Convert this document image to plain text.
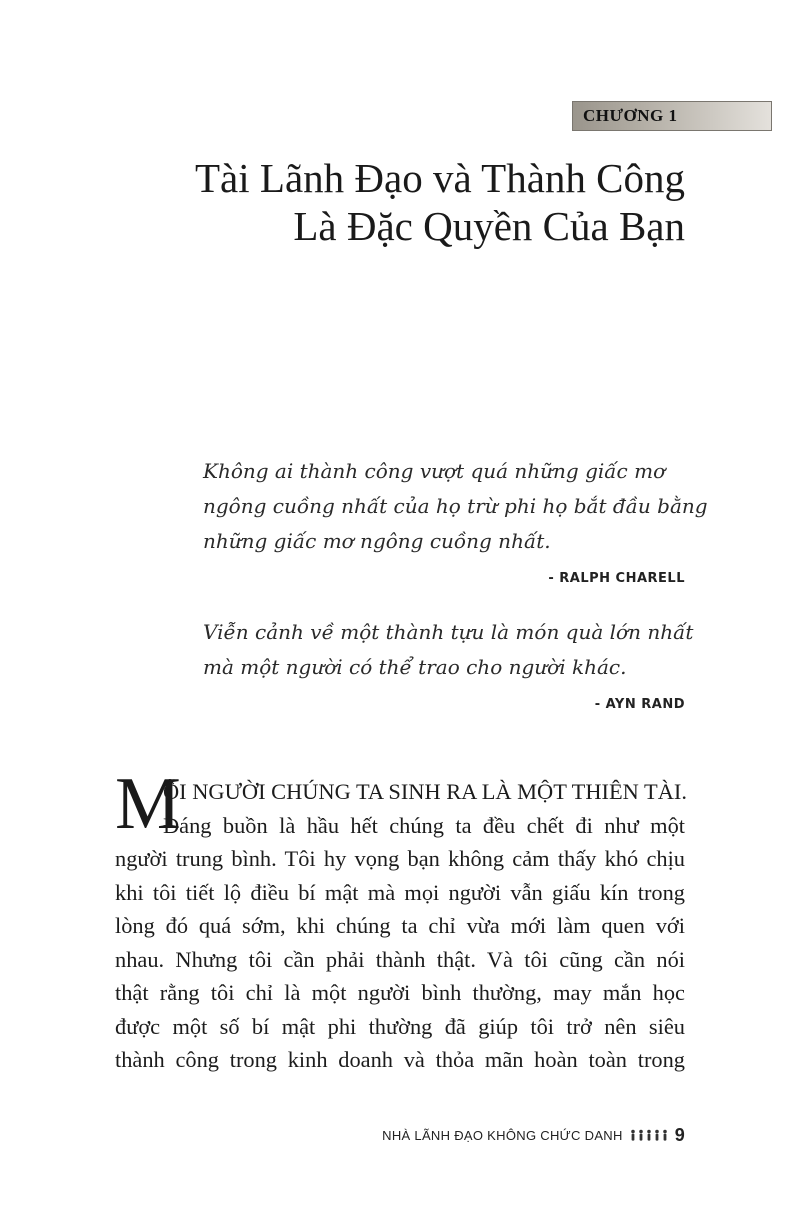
CHƯƠNG 1
Tài Lãnh Đạo và Thành Công
Là Đặc Quyền Của Bạn
Không ai thành công vượt quá những giấc mơ
ngông cuồng nhất của họ trừ phi họ bắt đầu bằng
những giấc mơ ngông cuồng nhất.
- RALPH CHARELL
Viễn cảnh về một thành tựu là món quà lớn nhất
mà một người có thể trao cho người khác.
- AYN RAND
M
ỖI NGƯỜI CHÚNG TA SINH RA LÀ MỘT THIÊN TÀI.
Đáng buồn là hầu hết chúng ta đều chết đi như một
người trung bình. Tôi hy vọng bạn không cảm thấy khó chịu
khi tôi tiết lộ điều bí mật mà mọi người vẫn giấu kín trong
lòng đó quá sớm, khi chúng ta chỉ vừa mới làm quen với
nhau. Nhưng tôi cần phải thành thật. Và tôi cũng cần nói
thật rằng tôi chỉ là một người bình thường, may mắn học
được một số bí mật phi thường đã giúp tôi trở nên siêu
thành công trong kinh doanh và thỏa mãn hoàn toàn trong
NHÀ LÃNH ĐẠO KHÔNG CHỨC DANH	9
